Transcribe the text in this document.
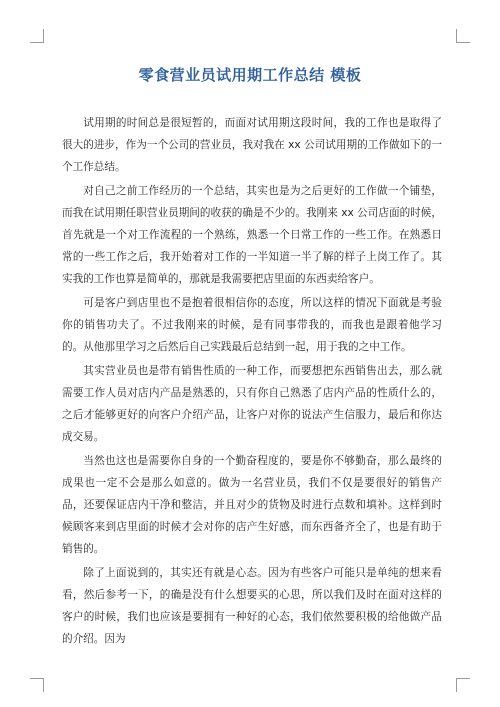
零食营业员试用期工作总结 模板

试用期的时间总是很短暂的，而面对试用期这段时间，我的工作也是取得了很大的进步，作为一个公司的营业员，我对我在 xx 公司试用期的工作做如下的一个工作总结。

对自己之前工作经历的一个总结，其实也是为之后更好的工作做一个铺垫，而我在试用期任职营业员期间的收获的确是不少的。我刚来 xx 公司店面的时候，首先就是一个对工作流程的一个熟练，熟悉一个日常工作的一些工作。在熟悉日常的一些工作之后，我开始着对工作的一半知道一半了解的样子上岗工作了。其实我的工作也算是简单的，那就是我需要把店里面的东西卖给客户。

可是客户到店里也不是抱着很相信你的态度，所以这样的情况下面就是考验你的销售功夫了。不过我刚来的时候，是有同事带我的，而我也是跟着他学习的。从他那里学习之后然后自己实践最后总结到一起，用于我的之中工作。

其实营业员也是带有销售性质的一种工作，而要想把东西销售出去，那么就需要工作人员对店内产品是熟悉的，只有你自己熟悉了店内产品的性质什么的，之后才能够更好的向客户介绍产品，让客户对你的说法产生信服力，最后和你达成交易。

当然也这也是需要你自身的一个勤奋程度的，要是你不够勤奋，那么最终的成果也一定不会是那么如意的。做为一名营业员，我们不仅是要很好的销售产品，还要保证店内干净和整洁，并且对少的货物及时进行点数和填补。这样到时候顾客来到店里面的时候才会对你的店产生好感，而东西备齐全了，也是有助于销售的。

除了上面说到的，其实还有就是心态。因为有些客户可能只是单纯的想来看看，然后参考一下，的确是没有什么想要买的心思，所以我们及时在面对这样的客户的时候，我们也应该是要拥有一种好的心态，我们依然要积极的给他做产品的介绍。因为
